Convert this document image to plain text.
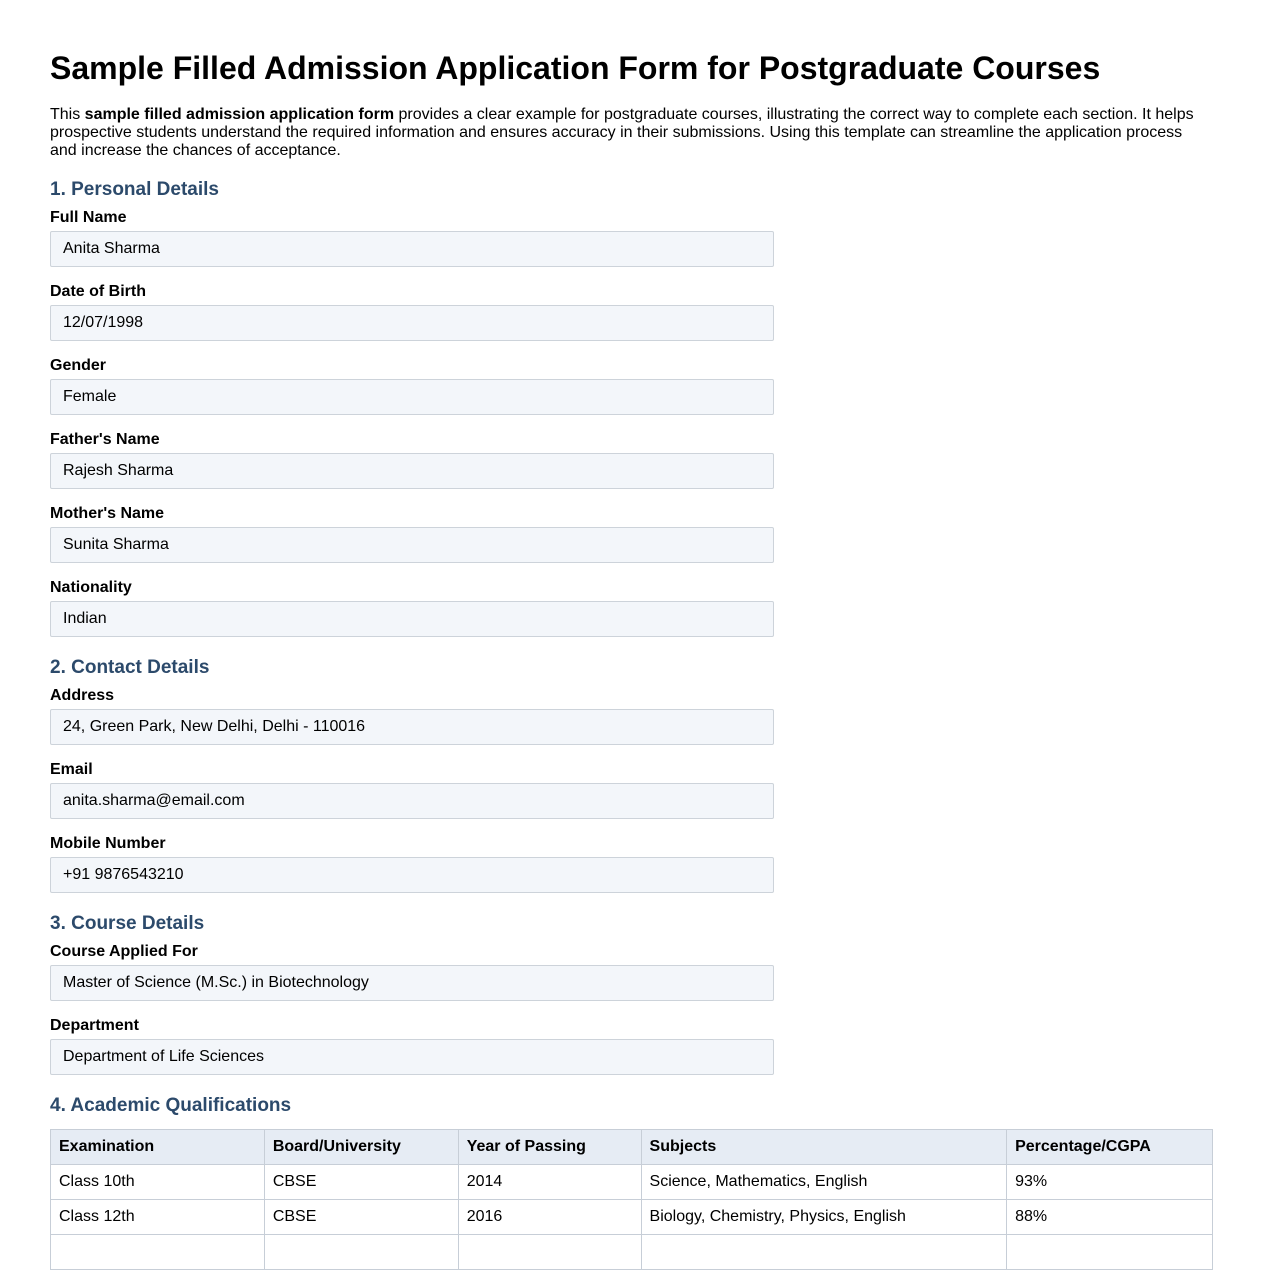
Sample Filled Admission Application Form for Postgraduate Courses

This sample filled admission application form provides a clear example for postgraduate courses, illustrating the correct way to complete each section. It helps prospective students understand the required information and ensures accuracy in their submissions. Using this template can streamline the application process and increase the chances of acceptance.

1. Personal Details
Full Name
Anita Sharma
Date of Birth
12/07/1998
Gender
Female
Father's Name
Rajesh Sharma
Mother's Name
Sunita Sharma
Nationality
Indian
2. Contact Details
Address
24, Green Park, New Delhi, Delhi - 110016
Email
anita.sharma@email.com
Mobile Number
+91 9876543210
3. Course Details
Course Applied For
Master of Science (M.Sc.) in Biotechnology
Department
Department of Life Sciences
4. Academic Qualifications
Examination	Board/University	Year of Passing	Subjects	Percentage/CGPA
Class 10th	CBSE	2014	Science, Mathematics, English	93%
Class 12th	CBSE	2016	Biology, Chemistry, Physics, English	88%
